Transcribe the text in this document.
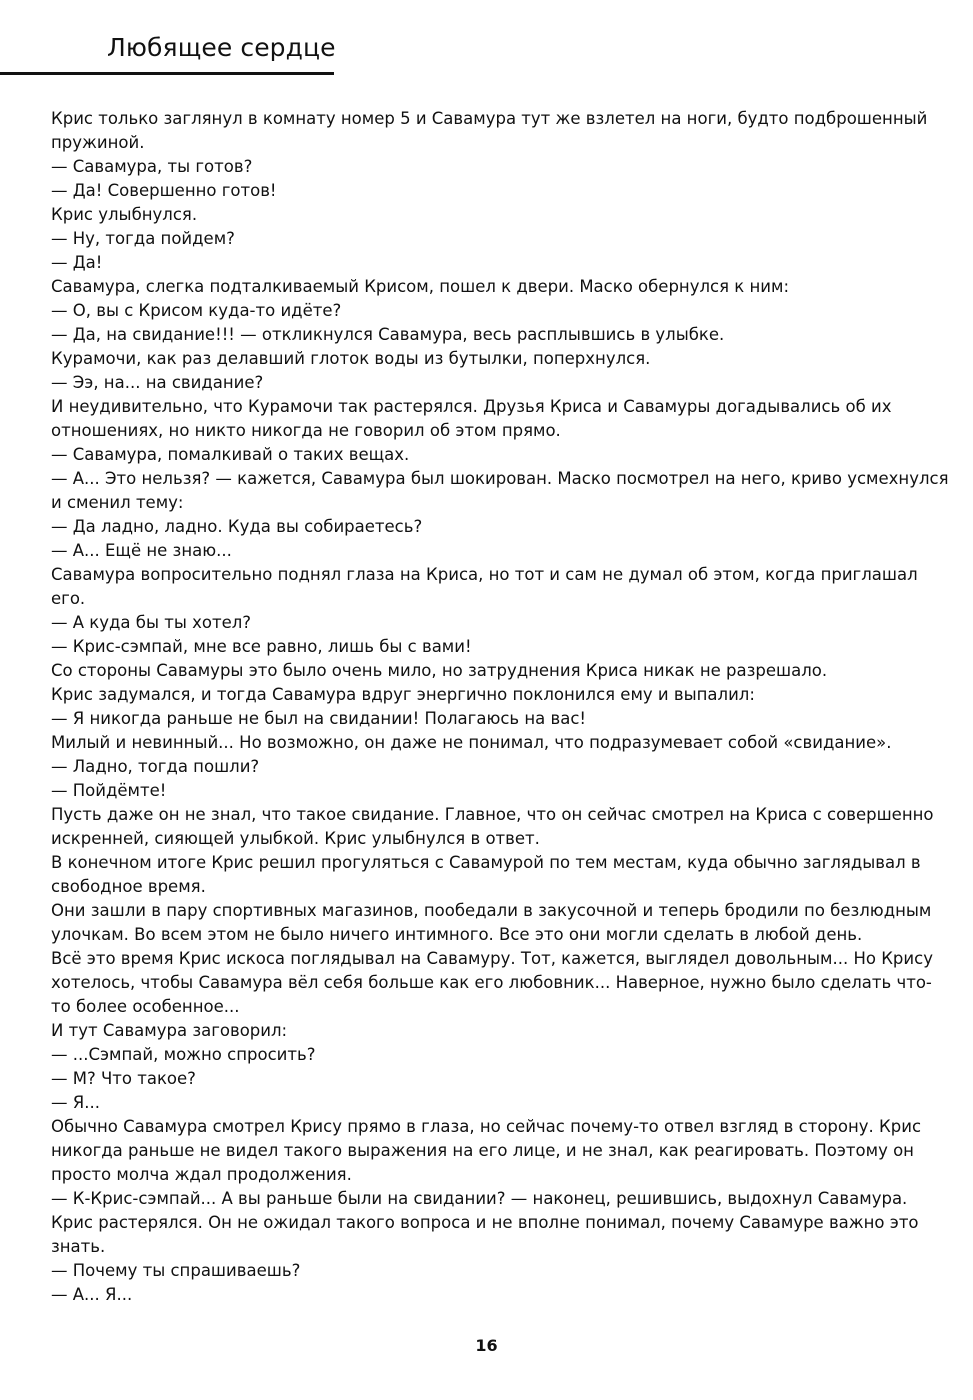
Любящее сердце

Крис только заглянул в комнату номер 5 и Савамура тут же взлетел на ноги, будто подброшенный пружиной.

— Савамура, ты готов?

— Да! Совершенно готов!

Крис улыбнулся.

— Ну, тогда пойдем?

— Да!

Савамура, слегка подталкиваемый Крисом, пошел к двери. Маско обернулся к ним:

— О, вы с Крисом куда-то идёте?

— Да, на свидание!!! — откликнулся Савамура, весь расплывшись в улыбке.

Курамочи, как раз делавший глоток воды из бутылки, поперхнулся.

— Ээ, на... на свидание?

И неудивительно, что Курамочи так растерялся. Друзья Криса и Савамуры догадывались об их отношениях, но никто никогда не говорил об этом прямо.

— Савамура, помалкивай о таких вещах.

— А... Это нельзя? — кажется, Савамура был шокирован. Маско посмотрел на него, криво усмехнулся и сменил тему:

— Да ладно, ладно. Куда вы собираетесь?

— А... Ещё не знаю...

Савамура вопросительно поднял глаза на Криса, но тот и сам не думал об этом, когда приглашал его.

— А куда бы ты хотел?

— Крис-сэмпай, мне все равно, лишь бы с вами!

Со стороны Савамуры это было очень мило, но затруднения Криса никак не разрешало.

Крис задумался, и тогда Савамура вдруг энергично поклонился ему и выпалил:

— Я никогда раньше не был на свидании! Полагаюсь на вас!

Милый и невинный... Но возможно, он даже не понимал, что подразумевает собой «свидание».

— Ладно, тогда пошли?

— Пойдёмте!

Пусть даже он не знал, что такое свидание. Главное, что он сейчас смотрел на Криса с совершенно искренней, сияющей улыбкой. Крис улыбнулся в ответ.

В конечном итоге Крис решил прогуляться с Савамурой по тем местам, куда обычно заглядывал в свободное время.

Они зашли в пару спортивных магазинов, пообедали в закусочной и теперь бродили по безлюдным улочкам. Во всем этом не было ничего интимного. Все это они могли сделать в любой день.

Всё это время Крис искоса поглядывал на Савамуру. Тот, кажется, выглядел довольным... Но Крису хотелось, чтобы Савамура вёл себя больше как его любовник... Наверное, нужно было сделать что-то более особенное...

И тут Савамура заговорил:

— ...Сэмпай, можно спросить?

— М? Что такое?

— Я...

Обычно Савамура смотрел Крису прямо в глаза, но сейчас почему-то отвел взгляд в сторону. Крис никогда раньше не видел такого выражения на его лице, и не знал, как реагировать. Поэтому он просто молча ждал продолжения.

— К-Крис-сэмпай... А вы раньше были на свидании? — наконец, решившись, выдохнул Савамура. Крис растерялся. Он не ожидал такого вопроса и не вполне понимал, почему Савамуре важно это знать.

— Почему ты спрашиваешь?

— А... Я...

16
